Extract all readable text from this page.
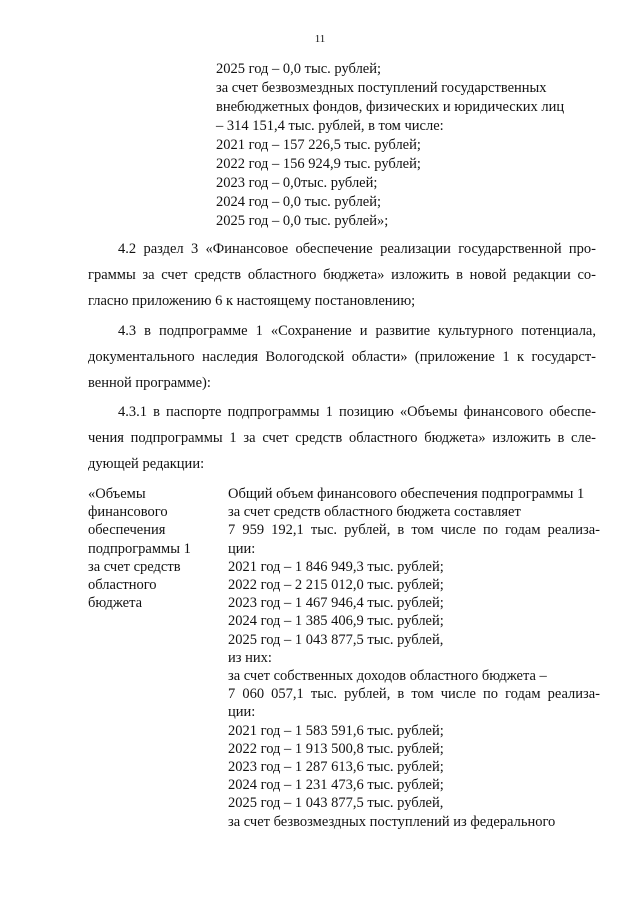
11
2025 год – 0,0 тыс. рублей;
за счет безвозмездных поступлений государственных
внебюджетных фондов, физических и юридических лиц
– 314 151,4 тыс. рублей, в том числе:
2021 год – 157 226,5 тыс. рублей;
2022 год – 156 924,9 тыс. рублей;
2023 год – 0,0тыс. рублей;
2024 год – 0,0 тыс. рублей;
2025 год – 0,0 тыс. рублей»;
4.2 раздел 3 «Финансовое обеспечение реализации государственной про-
граммы за счет средств областного бюджета» изложить в новой редакции со-
гласно приложению 6 к настоящему постановлению;
4.3 в подпрограмме 1 «Сохранение и развитие культурного потенциала,
документального наследия Вологодской области» (приложение 1 к государст-
венной программе):
4.3.1 в паспорте подпрограммы 1 позицию «Объемы финансового обеспе-
чения подпрограммы 1 за счет средств областного бюджета» изложить в сле-
дующей редакции:
«Объемы
финансового
обеспечения
подпрограммы 1
за счет средств
областного
бюджета
Общий объем финансового обеспечения подпрограммы 1
за счет средств областного бюджета составляет
7 959 192,1 тыс. рублей, в том числе по годам реализа-
ции:
2021 год – 1 846 949,3 тыс. рублей;
2022 год – 2 215 012,0 тыс. рублей;
2023 год – 1 467 946,4 тыс. рублей;
2024 год – 1 385 406,9 тыс. рублей;
2025 год – 1 043 877,5 тыс. рублей,
из них:
за счет собственных доходов областного бюджета –
7 060 057,1 тыс. рублей, в том числе по годам реализа-
ции:
2021 год – 1 583 591,6 тыс. рублей;
2022 год – 1 913 500,8 тыс. рублей;
2023 год – 1 287 613,6 тыс. рублей;
2024 год – 1 231 473,6 тыс. рублей;
2025 год – 1 043 877,5 тыс. рублей,
за счет безвозмездных поступлений из федерального
